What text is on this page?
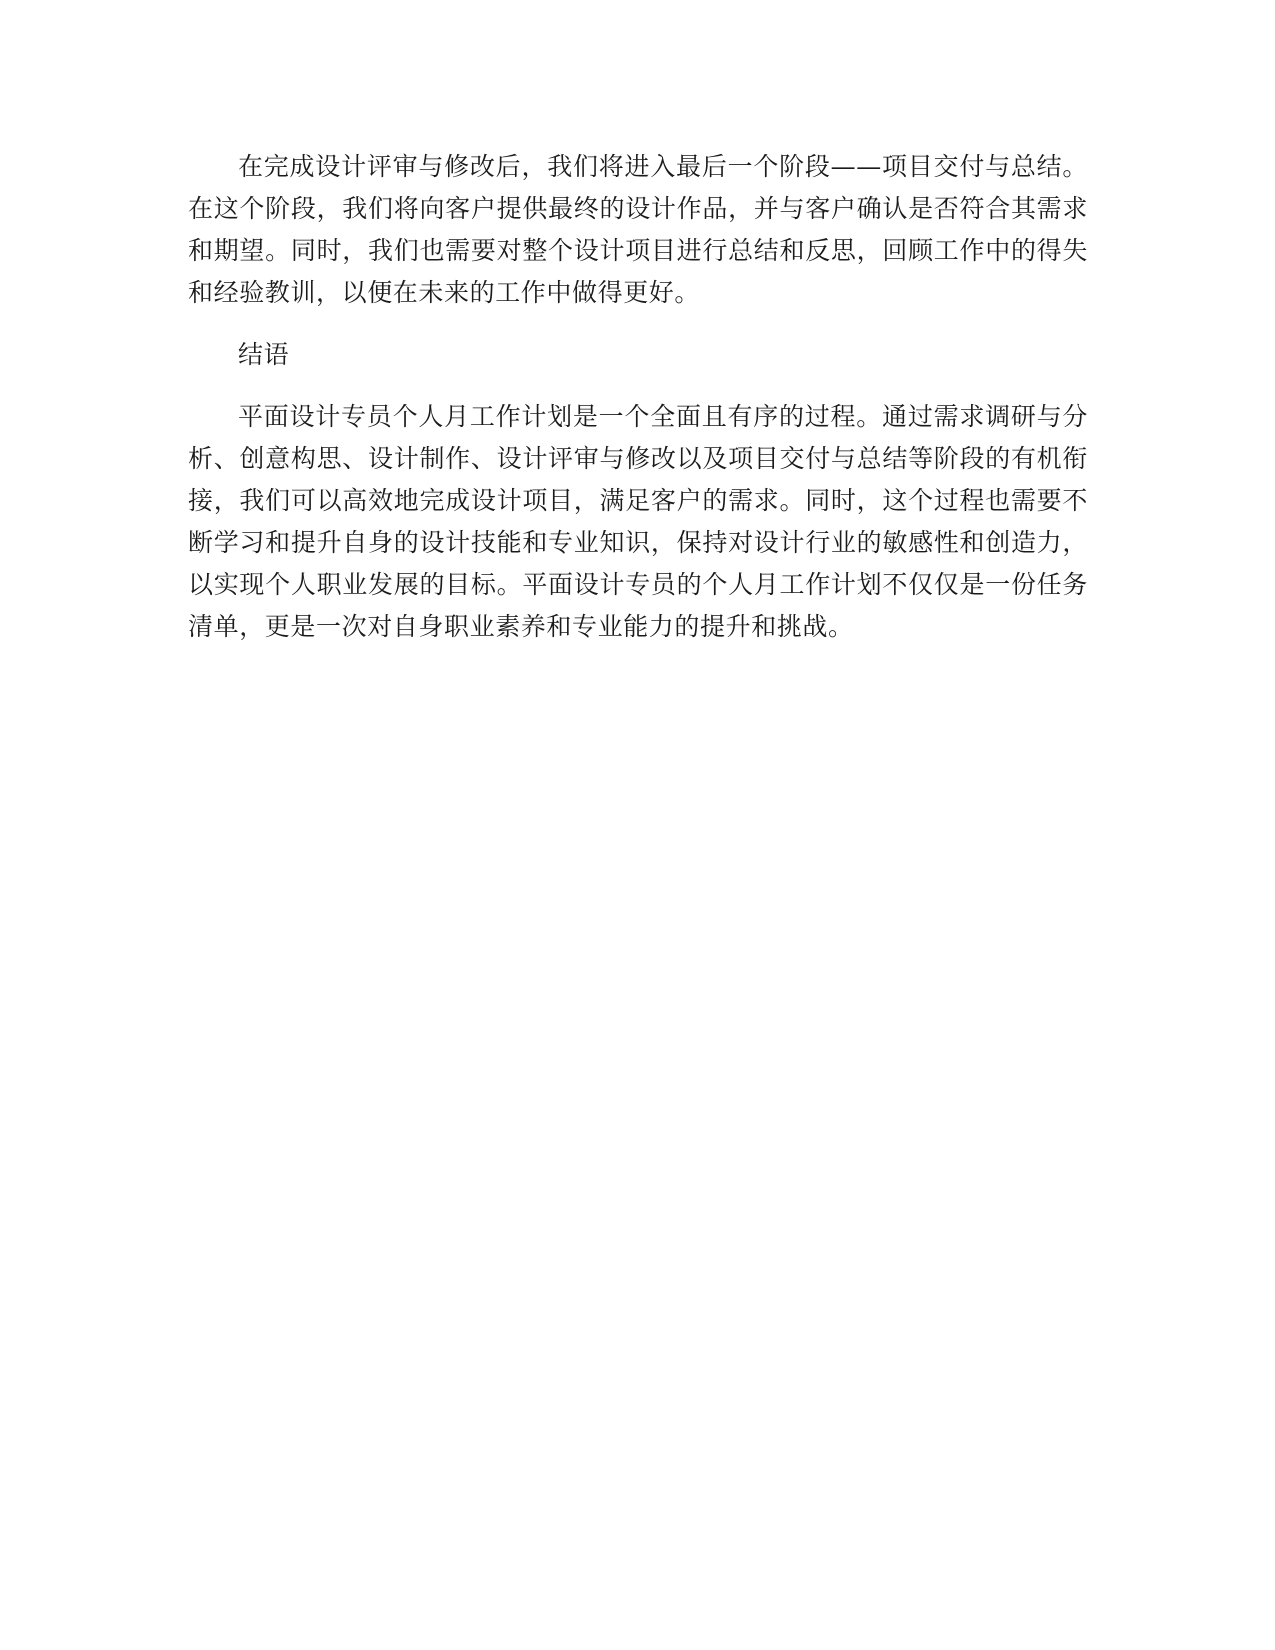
在完成设计评审与修改后，我们将进入最后一个阶段——项目交付与总结。在这个阶段，我们将向客户提供最终的设计作品，并与客户确认是否符合其需求和期望。同时，我们也需要对整个设计项目进行总结和反思，回顾工作中的得失和经验教训，以便在未来的工作中做得更好。

结语

平面设计专员个人月工作计划是一个全面且有序的过程。通过需求调研与分析、创意构思、设计制作、设计评审与修改以及项目交付与总结等阶段的有机衔接，我们可以高效地完成设计项目，满足客户的需求。同时，这个过程也需要不断学习和提升自身的设计技能和专业知识，保持对设计行业的敏感性和创造力，以实现个人职业发展的目标。平面设计专员的个人月工作计划不仅仅是一份任务清单，更是一次对自身职业素养和专业能力的提升和挑战。
